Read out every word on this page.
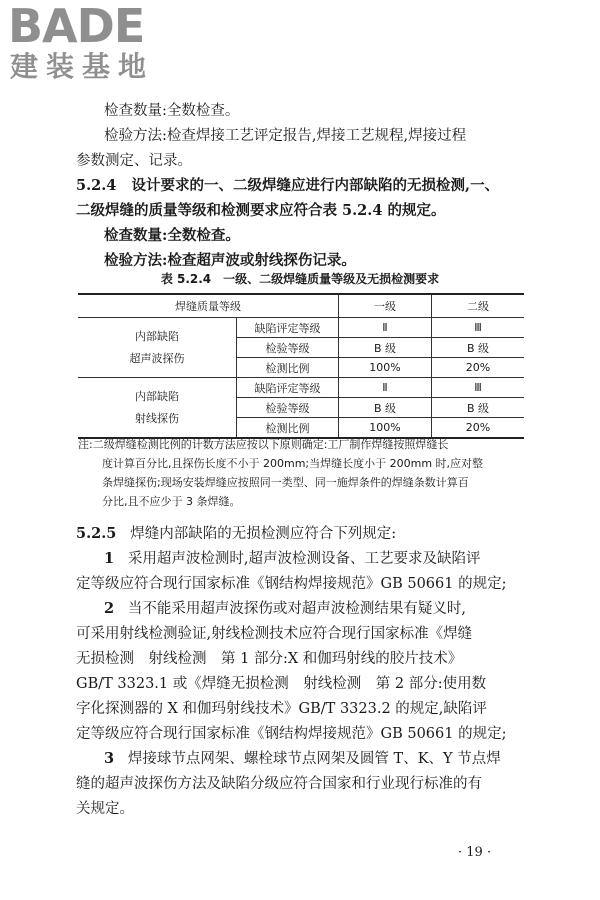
BADE
建装基地
检查数量:全数检查。
检验方法:检查焊接工艺评定报告,焊接工艺规程,焊接过程
参数测定、记录。
5.2.4 设计要求的一、二级焊缝应进行内部缺陷的无损检测,一、
二级焊缝的质量等级和检测要求应符合表 5.2.4 的规定。
检查数量:全数检查。
检验方法:检查超声波或射线探伤记录。
表 5.2.4　一级、二级焊缝质量等级及无损检测要求
焊缝质量等级		一级	二级

内部缺陷
超声波探伤	缺陷评定等级	Ⅱ	Ⅲ
	检验等级	B 级	B 级
	检测比例	100%	20%

内部缺陷
射线探伤	缺陷评定等级	Ⅱ	Ⅲ
	检验等级	B 级	B 级
	检测比例	100%	20%
注:二级焊缝检测比例的计数方法应按以下原则确定:工厂制作焊缝按照焊缝长
度计算百分比,且探伤长度不小于 200mm;当焊缝长度小于 200mm 时,应对整
条焊缝探伤;现场安装焊缝应按照同一类型、同一施焊条件的焊缝条数计算百
分比,且不应少于 3 条焊缝。
5.2.5 焊缝内部缺陷的无损检测应符合下列规定:
1 采用超声波检测时,超声波检测设备、工艺要求及缺陷评
定等级应符合现行国家标准《钢结构焊接规范》GB 50661 的规定;
2 当不能采用超声波探伤或对超声波检测结果有疑义时,
可采用射线检测验证,射线检测技术应符合现行国家标准《焊缝
无损检测　射线检测　第 1 部分:X 和伽玛射线的胶片技术》
GB/T 3323.1 或《焊缝无损检测　射线检测　第 2 部分:使用数
字化探测器的 X 和伽玛射线技术》GB/T 3323.2 的规定,缺陷评
定等级应符合现行国家标准《钢结构焊接规范》GB 50661 的规定;
3 焊接球节点网架、螺栓球节点网架及圆管 T、K、Y 节点焊
缝的超声波探伤方法及缺陷分级应符合国家和行业现行标准的有
关规定。
· 19 ·
